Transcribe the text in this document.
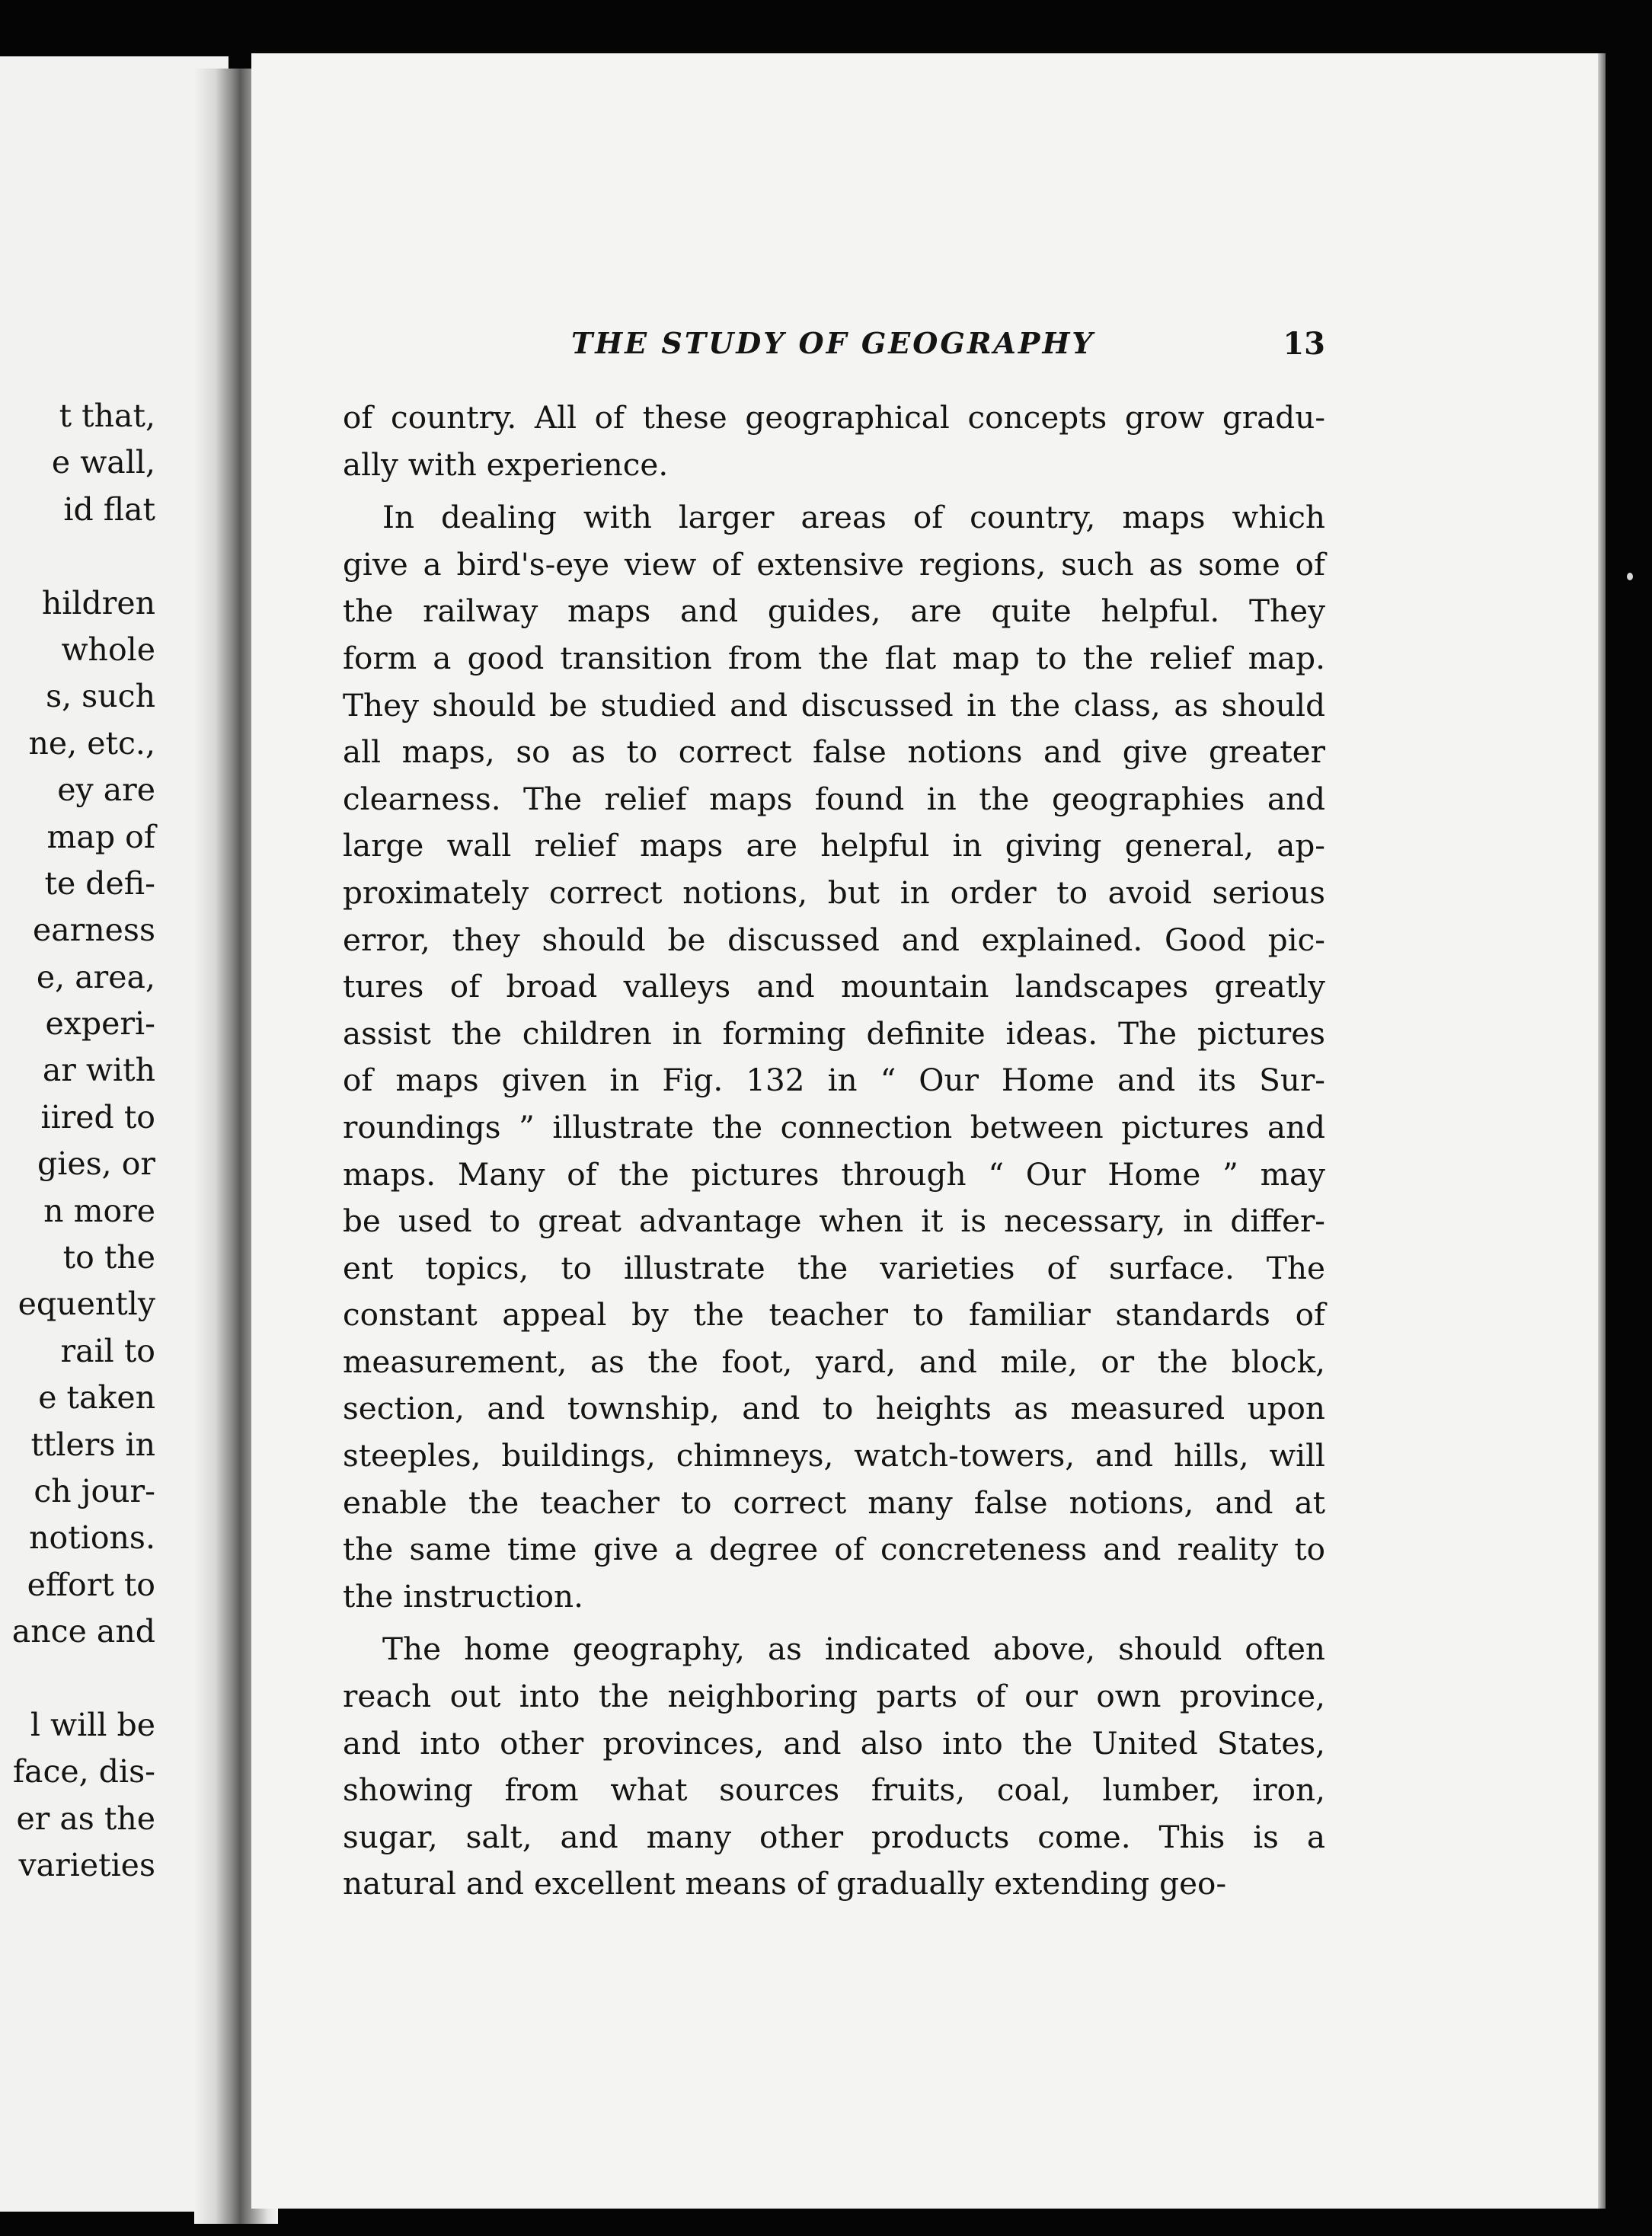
t that,
e wall,
id flat
hildren
whole
s, such
ne, etc.,
ey are
map of
te defi-
earness
e, area,
experi-
ar with
iired to
gies, or
n more
to the
equently
rail to
e taken
ttlers in
ch jour-
notions.
effort to
ance and
l will be
face, dis-
er as the
varieties
THE STUDY OF GEOGRAPHY	13
of country. All of these geographical concepts grow gradu-
ally with experience.
In dealing with larger areas of country, maps which
give a bird's-eye view of extensive regions, such as some of
the railway maps and guides, are quite helpful. They
form a good transition from the flat map to the relief map.
They should be studied and discussed in the class, as should
all maps, so as to correct false notions and give greater
clearness. The relief maps found in the geographies and
large wall relief maps are helpful in giving general, ap-
proximately correct notions, but in order to avoid serious
error, they should be discussed and explained. Good pic-
tures of broad valleys and mountain landscapes greatly
assist the children in forming definite ideas. The pictures
of maps given in Fig. 132 in “ Our Home and its Sur-
roundings ” illustrate the connection between pictures and
maps. Many of the pictures through “ Our Home ” may
be used to great advantage when it is necessary, in differ-
ent topics, to illustrate the varieties of surface. The
constant appeal by the teacher to familiar standards of
measurement, as the foot, yard, and mile, or the block,
section, and township, and to heights as measured upon
steeples, buildings, chimneys, watch-towers, and hills, will
enable the teacher to correct many false notions, and at
the same time give a degree of concreteness and reality to
the instruction.
The home geography, as indicated above, should often
reach out into the neighboring parts of our own province,
and into other provinces, and also into the United States,
showing from what sources fruits, coal, lumber, iron,
sugar, salt, and many other products come. This is a
natural and excellent means of gradually extending geo-
